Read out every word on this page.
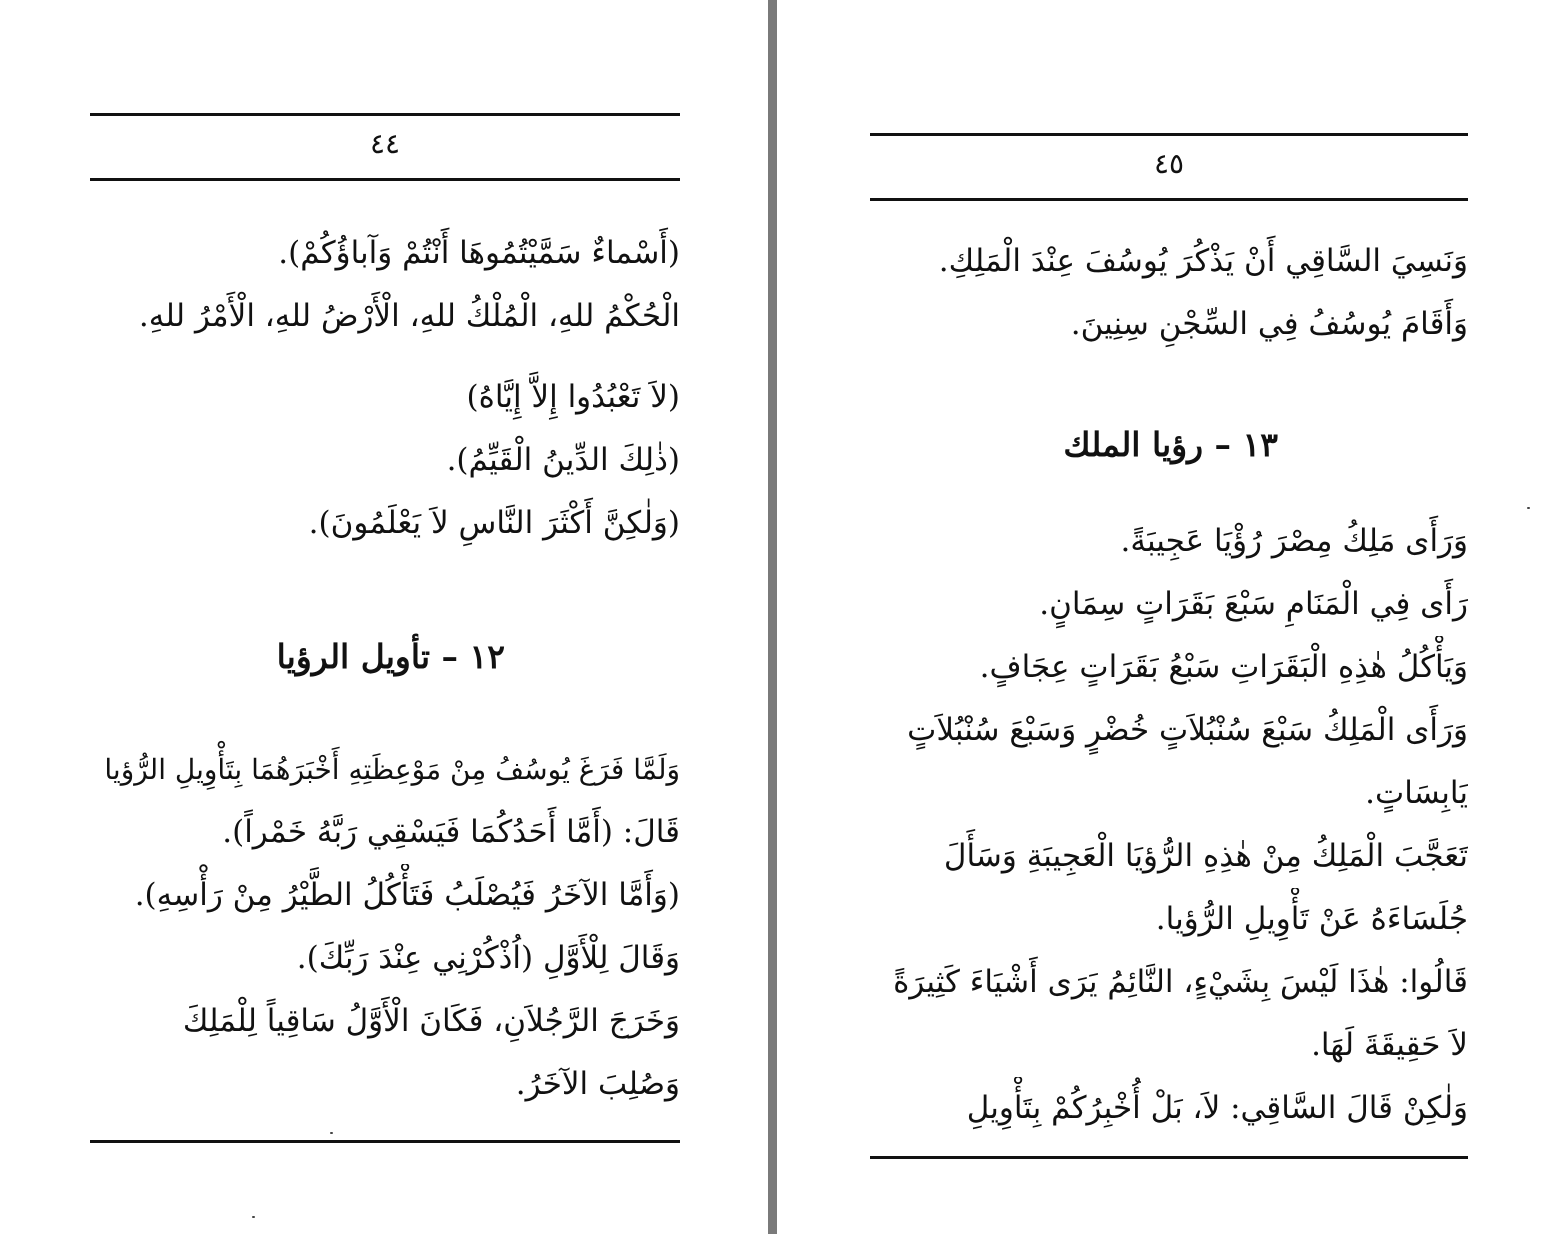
٤٤

(أَسْماءٌ سَمَّيْتُمُوهَا أَنْتُمْ وَآباؤُكُمْ).

الْحُكْمُ للهِ، الْمُلْكُ للهِ، الْأَرْضُ للهِ، الْأَمْرُ للهِ.

(لاَ تَعْبُدُوا إِلاَّ إِيَّاهُ)

(ذٰلِكَ الدِّينُ الْقَيِّمُ).

(وَلٰكِنَّ أَكْثَرَ النَّاسِ لاَ يَعْلَمُونَ).

١٢ – تأويل الرؤيا

وَلَمَّا فَرَغَ يُوسُفُ مِنْ مَوْعِظَتِهِ أَخْبَرَهُمَا بِتَأْوِيلِ الرُّؤيا

قَالَ: (أَمَّا أَحَدُكُمَا فَيَسْقِي رَبَّهُ خَمْراً).

(وَأَمَّا الآخَرُ فَيُصْلَبُ فَتَأْكُلُ الطَّيْرُ مِنْ رَأْسِهِ).

وَقَالَ لِلْأَوَّلِ (اُذْكُرْنِي عِنْدَ رَبِّكَ).

وَخَرَجَ الرَّجُلاَنِ، فَكَانَ الْأَوَّلُ سَاقِياً لِلْمَلِكَ

وَصُلِبَ الآخَرُ.

٤٥

وَنَسِيَ السَّاقِي أَنْ يَذْكُرَ يُوسُفَ عِنْدَ الْمَلِكِ.

وَأَقَامَ يُوسُفُ فِي السِّجْنِ سِنِينَ.

١٣ – رؤيا الملك

وَرَأَى مَلِكُ مِصْرَ رُؤْيَا عَجِيبَةً.

رَأَى فِي الْمَنَامِ سَبْعَ بَقَرَاتٍ سِمَانٍ.

وَيَأْكُلُ هٰذِهِ الْبَقَرَاتِ سَبْعُ بَقَرَاتٍ عِجَافٍ.

وَرَأَى الْمَلِكُ سَبْعَ سُنْبُلاَتٍ خُضْرٍ وَسَبْعَ سُنْبُلاَتٍ

يَابِسَاتٍ.

تَعَجَّبَ الْمَلِكُ مِنْ هٰذِهِ الرُّؤيَا الْعَجِيبَةِ وَسَأَلَ

جُلَسَاءَهُ عَنْ تَأْوِيلِ الرُّؤيا.

قَالُوا: هٰذَا لَيْسَ بِشَيْءٍ، النَّائِمُ يَرَى أَشْيَاءَ كَثِيرَةً

لاَ حَقِيقَةَ لَهَا.

وَلٰكِنْ قَالَ السَّاقِي: لاَ، بَلْ أُخْبِرُكُمْ بِتَأْوِيلِ
